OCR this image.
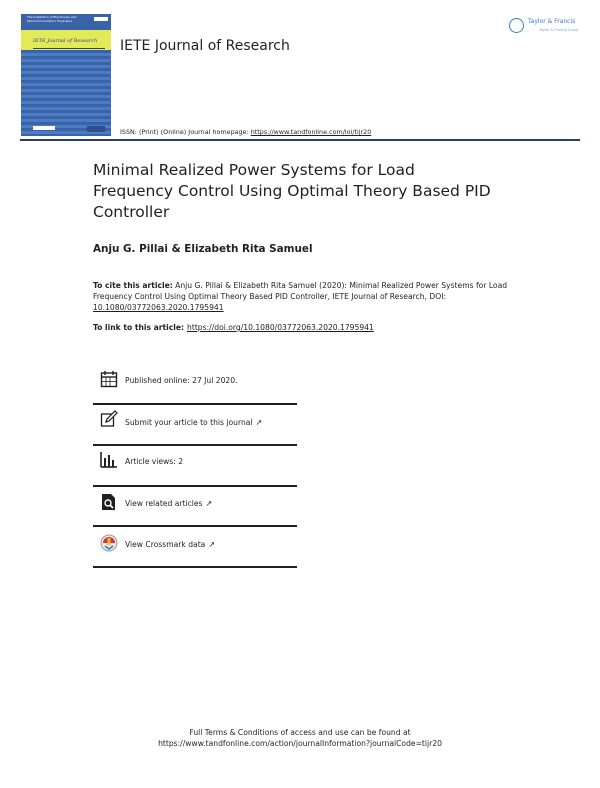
The Institution of Electronics and Telecommunication Engineers
IETE Journal of Research IETE Journal of Research
ISSN: (Print) (Online) Journal homepage: https://www.tandfonline.com/loi/tijr20
Taylor & Francis
Taylor & Francis Group
Minimal Realized Power Systems for Load Frequency Control Using Optimal Theory Based PID Controller
Anju G. Pillai & Elizabeth Rita Samuel
To cite this article: Anju G. Pillai & Elizabeth Rita Samuel (2020): Minimal Realized Power Systems for Load Frequency Control Using Optimal Theory Based PID Controller, IETE Journal of Research, DOI: 10.1080/03772063.2020.1795941
To link to this article: https://doi.org/10.1080/03772063.2020.1795941
Published online: 27 Jul 2020.
Submit your article to this journal ↗
Article views: 2
View related articles ↗
View Crossmark data ↗
Full Terms & Conditions of access and use can be found at
https://www.tandfonline.com/action/journalInformation?journalCode=tijr20
